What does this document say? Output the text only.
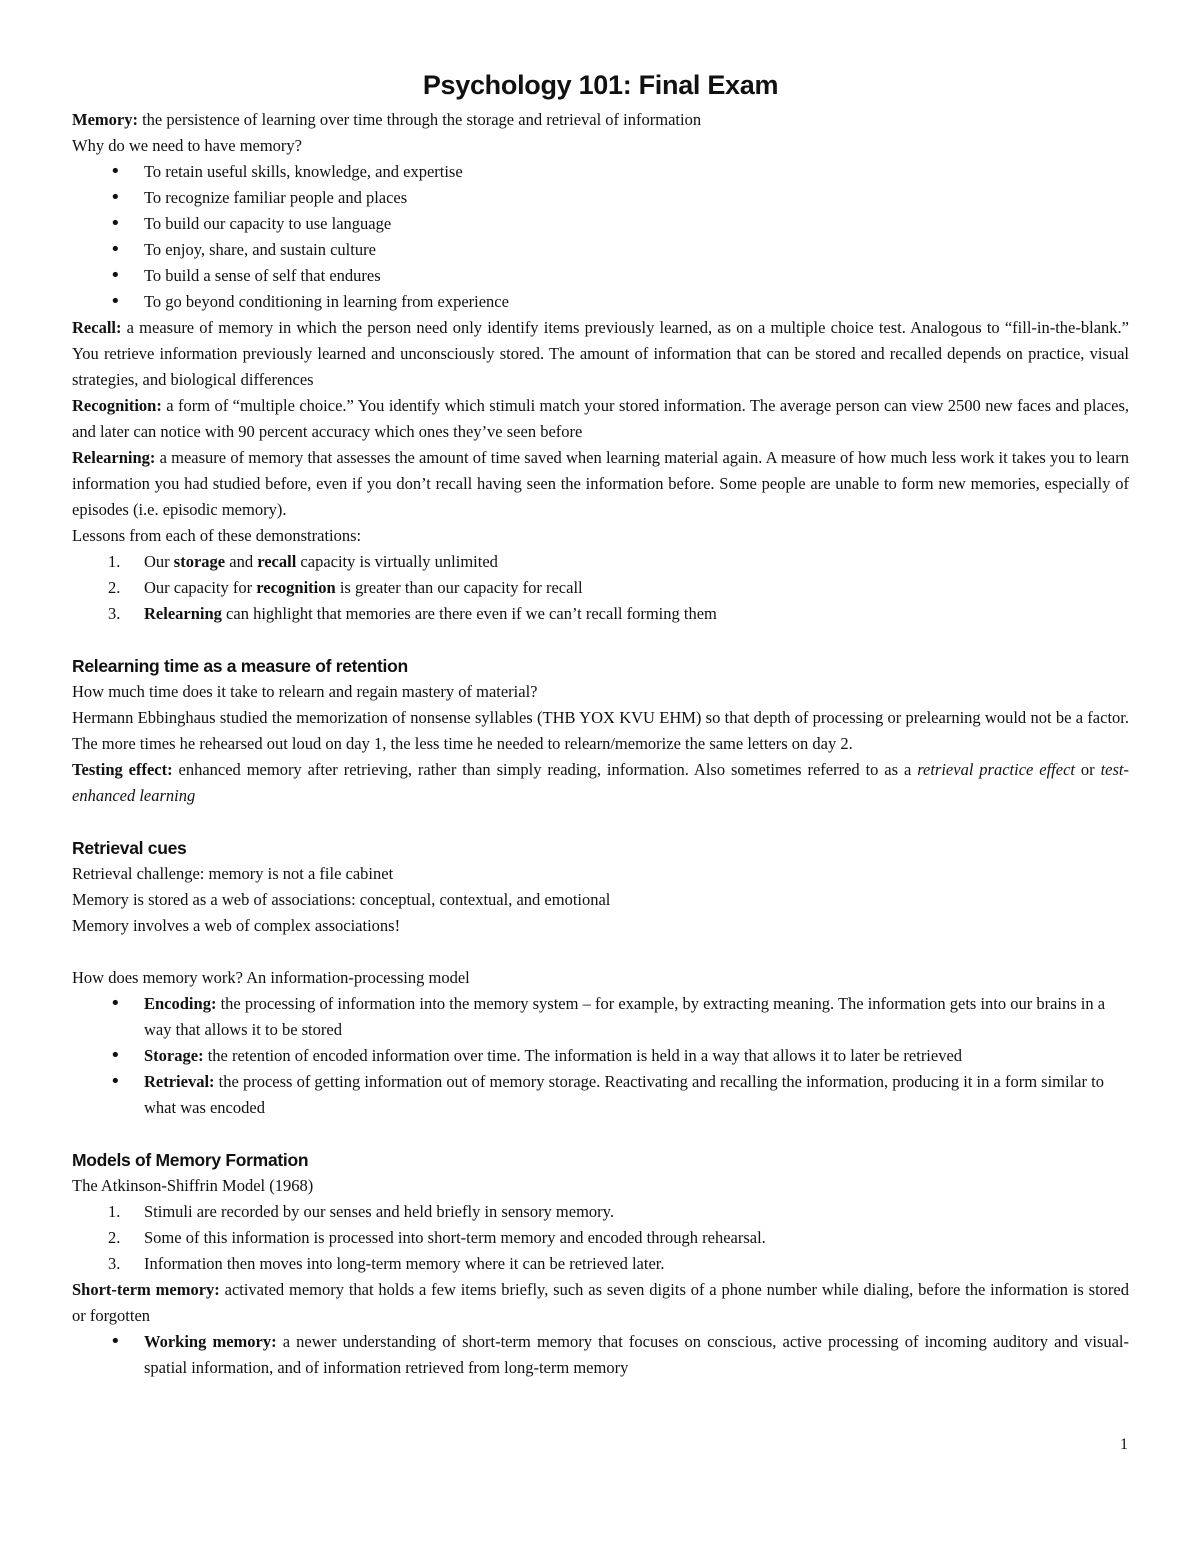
Psychology 101: Final Exam

Memory: the persistence of learning over time through the storage and retrieval of information

Why do we need to have memory?

• To retain useful skills, knowledge, and expertise
• To recognize familiar people and places
• To build our capacity to use language
• To enjoy, share, and sustain culture
• To build a sense of self that endures
• To go beyond conditioning in learning from experience

Recall: a measure of memory in which the person need only identify items previously learned, as on a multiple choice test. Analogous to “fill-in-the-blank.” You retrieve information previously learned and unconsciously stored. The amount of information that can be stored and recalled depends on practice, visual strategies, and biological differences

Recognition: a form of “multiple choice.” You identify which stimuli match your stored information. The average person can view 2500 new faces and places, and later can notice with 90 percent accuracy which ones they’ve seen before

Relearning: a measure of memory that assesses the amount of time saved when learning material again. A measure of how much less work it takes you to learn information you had studied before, even if you don’t recall having seen the information before. Some people are unable to form new memories, especially of episodes (i.e. episodic memory).

Lessons from each of these demonstrations:

1. Our storage and recall capacity is virtually unlimited
2. Our capacity for recognition is greater than our capacity for recall
3. Relearning can highlight that memories are there even if we can’t recall forming them
Relearning time as a measure of retention

How much time does it take to relearn and regain mastery of material?

Hermann Ebbinghaus studied the memorization of nonsense syllables (THB YOX KVU EHM) so that depth of processing or prelearning would not be a factor. The more times he rehearsed out loud on day 1, the less time he needed to relearn/memorize the same letters on day 2.

Testing effect: enhanced memory after retrieving, rather than simply reading, information. Also sometimes referred to as a retrieval practice effect or test-enhanced learning

Retrieval cues

Retrieval challenge: memory is not a file cabinet

Memory is stored as a web of associations: conceptual, contextual, and emotional

Memory involves a web of complex associations!

How does memory work? An information-processing model

• Encoding: the processing of information into the memory system – for example, by extracting meaning. The information gets into our brains in a way that allows it to be stored
• Storage: the retention of encoded information over time. The information is held in a way that allows it to later be retrieved
• Retrieval: the process of getting information out of memory storage. Reactivating and recalling the information, producing it in a form similar to what was encoded
Models of Memory Formation

The Atkinson-Shiffrin Model (1968)

1. Stimuli are recorded by our senses and held briefly in sensory memory.
2. Some of this information is processed into short-term memory and encoded through rehearsal.
3. Information then moves into long-term memory where it can be retrieved later.

Short-term memory: activated memory that holds a few items briefly, such as seven digits of a phone number while dialing, before the information is stored or forgotten

• Working memory: a newer understanding of short-term memory that focuses on conscious, active processing of incoming auditory and visual-spatial information, and of information retrieved from long-term memory
1
